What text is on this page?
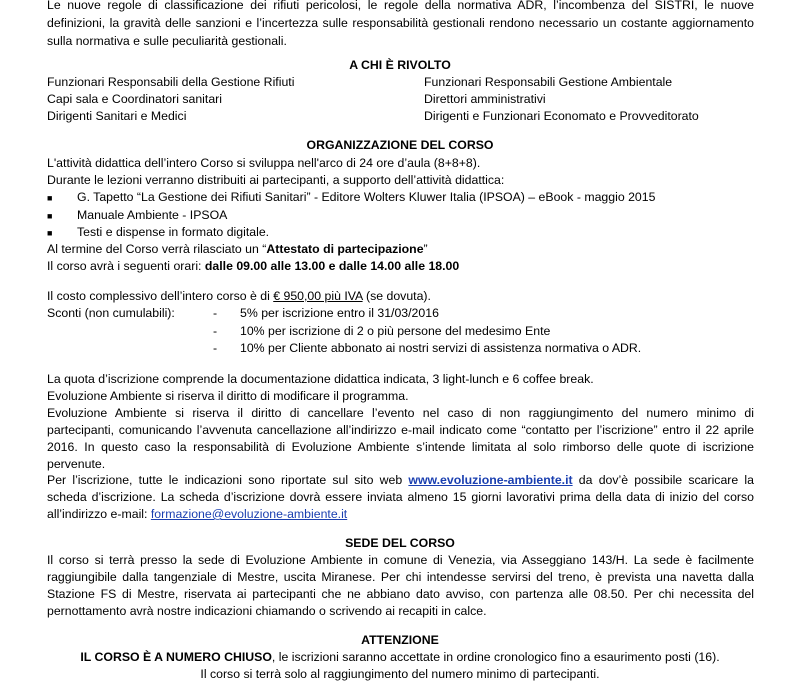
Le nuove regole di classificazione dei rifiuti pericolosi, le regole della normativa ADR, l’incombenza del SISTRI, le nuove
definizioni, la gravità delle sanzioni e l’incertezza sulle responsabilità gestionali rendono necessario un costante aggiornamento
sulla normativa e sulle peculiarità gestionali.
A CHI È RIVOLTO
Funzionari Responsabili della Gestione Rifiuti
Capi sala e Coordinatori sanitari
Dirigenti Sanitari e Medici
Funzionari Responsabili Gestione Ambientale
Direttori amministrativi
Dirigenti e Funzionari Economato e Provveditorato
ORGANIZZAZIONE DEL CORSO
L'attività didattica dell’intero Corso si sviluppa nell'arco di 24 ore d’aula (8+8+8).
Durante le lezioni verranno distribuiti ai partecipanti, a supporto dell’attività didattica:
■ G. Tapetto “La Gestione dei Rifiuti Sanitari” - Editore Wolters Kluwer Italia (IPSOA) – eBook - maggio 2015
■ Manuale Ambiente - IPSOA
■ Testi e dispense in formato digitale.
Al termine del Corso verrà rilasciato un “Attestato di partecipazione”
Il corso avrà i seguenti orari: dalle 09.00 alle 13.00 e dalle 14.00 alle 18.00
Il costo complessivo dell’intero corso è di € 950,00 più IVA (se dovuta).
Sconti (non cumulabili):	- 5% per iscrizione entro il 31/03/2016
- 10% per iscrizione di 2 o più persone del medesimo Ente
- 10% per Cliente abbonato ai nostri servizi di assistenza normativa o ADR.
La quota d’iscrizione comprende la documentazione didattica indicata, 3 light-lunch e 6 coffee break.
Evoluzione Ambiente si riserva il diritto di modificare il programma.
Evoluzione Ambiente si riserva il diritto di cancellare l’evento nel caso di non raggiungimento del numero minimo di
partecipanti, comunicando l’avvenuta cancellazione all’indirizzo e-mail indicato come “contatto per l’iscrizione” entro il 22 aprile
2016. In questo caso la responsabilità di Evoluzione Ambiente s’intende limitata al solo rimborso delle quote di iscrizione
pervenute.
Per l’iscrizione, tutte le indicazioni sono riportate sul sito web www.evoluzione-ambiente.it da dov’è possibile scaricare la
scheda d’iscrizione. La scheda d’iscrizione dovrà essere inviata almeno 15 giorni lavorativi prima della data di inizio del corso
all’indirizzo e-mail: formazione@evoluzione-ambiente.it
SEDE DEL CORSO
Il corso si terrà presso la sede di Evoluzione Ambiente in comune di Venezia, via Asseggiano 143/H. La sede è facilmente
raggiungibile dalla tangenziale di Mestre, uscita Miranese. Per chi intendesse servirsi del treno, è prevista una navetta dalla
Stazione FS di Mestre, riservata ai partecipanti che ne abbiano dato avviso, con partenza alle 08.50. Per chi necessita del
pernottamento avrà nostre indicazioni chiamando o scrivendo ai recapiti in calce.
ATTENZIONE
IL CORSO È A NUMERO CHIUSO, le iscrizioni saranno accettate in ordine cronologico fino a esaurimento posti (16).
Il corso si terrà solo al raggiungimento del numero minimo di partecipanti.
